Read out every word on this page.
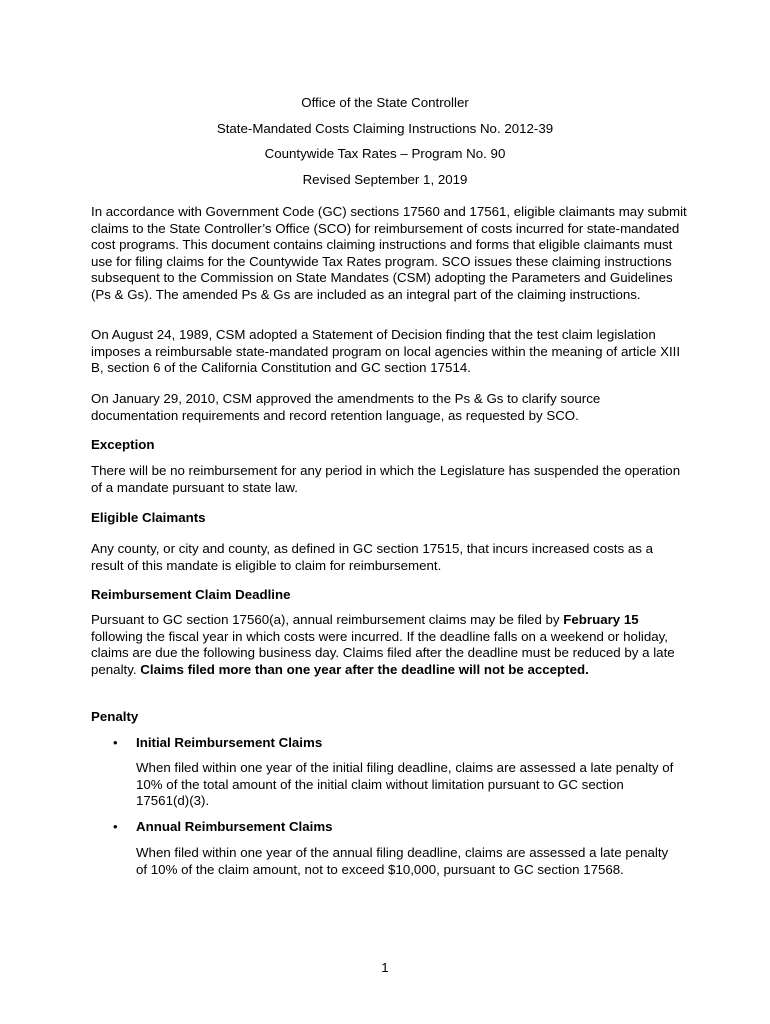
Office of the State Controller
State-Mandated Costs Claiming Instructions No. 2012-39
Countywide Tax Rates – Program No. 90
Revised September 1, 2019

In accordance with Government Code (GC) sections 17560 and 17561, eligible claimants may submit claims to the State Controller’s Office (SCO) for reimbursement of costs incurred for state-mandated cost programs. This document contains claiming instructions and forms that eligible claimants must use for filing claims for the Countywide Tax Rates program. SCO issues these claiming instructions subsequent to the Commission on State Mandates (CSM) adopting the Parameters and Guidelines (Ps & Gs). The amended Ps & Gs are included as an integral part of the claiming instructions.

On August 24, 1989, CSM adopted a Statement of Decision finding that the test claim legislation imposes a reimbursable state-mandated program on local agencies within the meaning of article XIII B, section 6 of the California Constitution and GC section 17514.

On January 29, 2010, CSM approved the amendments to the Ps & Gs to clarify source documentation requirements and record retention language, as requested by SCO.

Exception

There will be no reimbursement for any period in which the Legislature has suspended the operation of a mandate pursuant to state law.

Eligible Claimants

Any county, or city and county, as defined in GC section 17515, that incurs increased costs as a result of this mandate is eligible to claim for reimbursement.

Reimbursement Claim Deadline

Pursuant to GC section 17560(a), annual reimbursement claims may be filed by February 15 following the fiscal year in which costs were incurred. If the deadline falls on a weekend or holiday, claims are due the following business day. Claims filed after the deadline must be reduced by a late penalty. Claims filed more than one year after the deadline will not be accepted.

Penalty

• Initial Reimbursement Claims

When filed within one year of the initial filing deadline, claims are assessed a late penalty of 10% of the total amount of the initial claim without limitation pursuant to GC section 17561(d)(3).

• Annual Reimbursement Claims

When filed within one year of the annual filing deadline, claims are assessed a late penalty of 10% of the claim amount, not to exceed $10,000, pursuant to GC section 17568.

1
